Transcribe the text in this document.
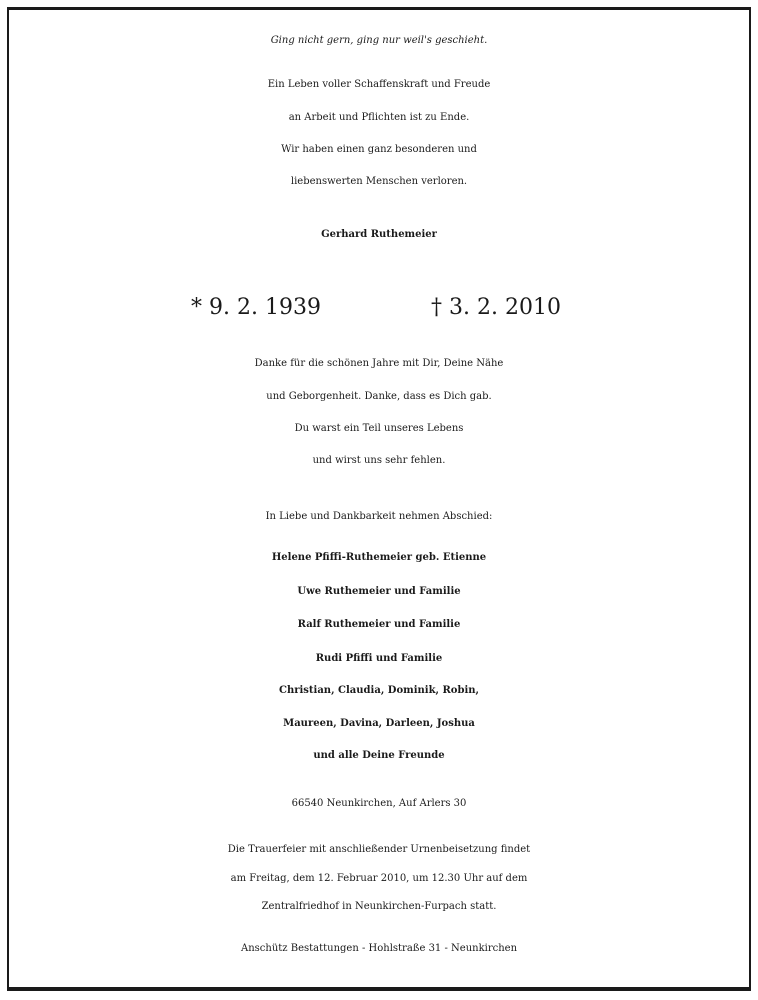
Ging nicht gern, ging nur weil's geschieht.
Ein Leben voller Schaffenskraft und Freude
an Arbeit und Pflichten ist zu Ende.
Wir haben einen ganz besonderen und
liebenswerten Menschen verloren.
Gerhard Ruthemeier
* 9. 2. 1939	† 3. 2. 2010
Danke für die schönen Jahre mit Dir, Deine Nähe
und Geborgenheit. Danke, dass es Dich gab.
Du warst ein Teil unseres Lebens
und wirst uns sehr fehlen.
In Liebe und Dankbarkeit nehmen Abschied:
Helene Pfiffi-Ruthemeier geb. Etienne
Uwe Ruthemeier und Familie
Ralf Ruthemeier und Familie
Rudi Pfiffi und Familie
Christian, Claudia, Dominik, Robin,
Maureen, Davina, Darleen, Joshua
und alle Deine Freunde
66540 Neunkirchen, Auf Arlers 30
Die Trauerfeier mit anschließender Urnenbeisetzung findet
am Freitag, dem 12. Februar 2010, um 12.30 Uhr auf dem
Zentralfriedhof in Neunkirchen-Furpach statt.
Anschütz Bestattungen - Hohlstraße 31 - Neunkirchen
